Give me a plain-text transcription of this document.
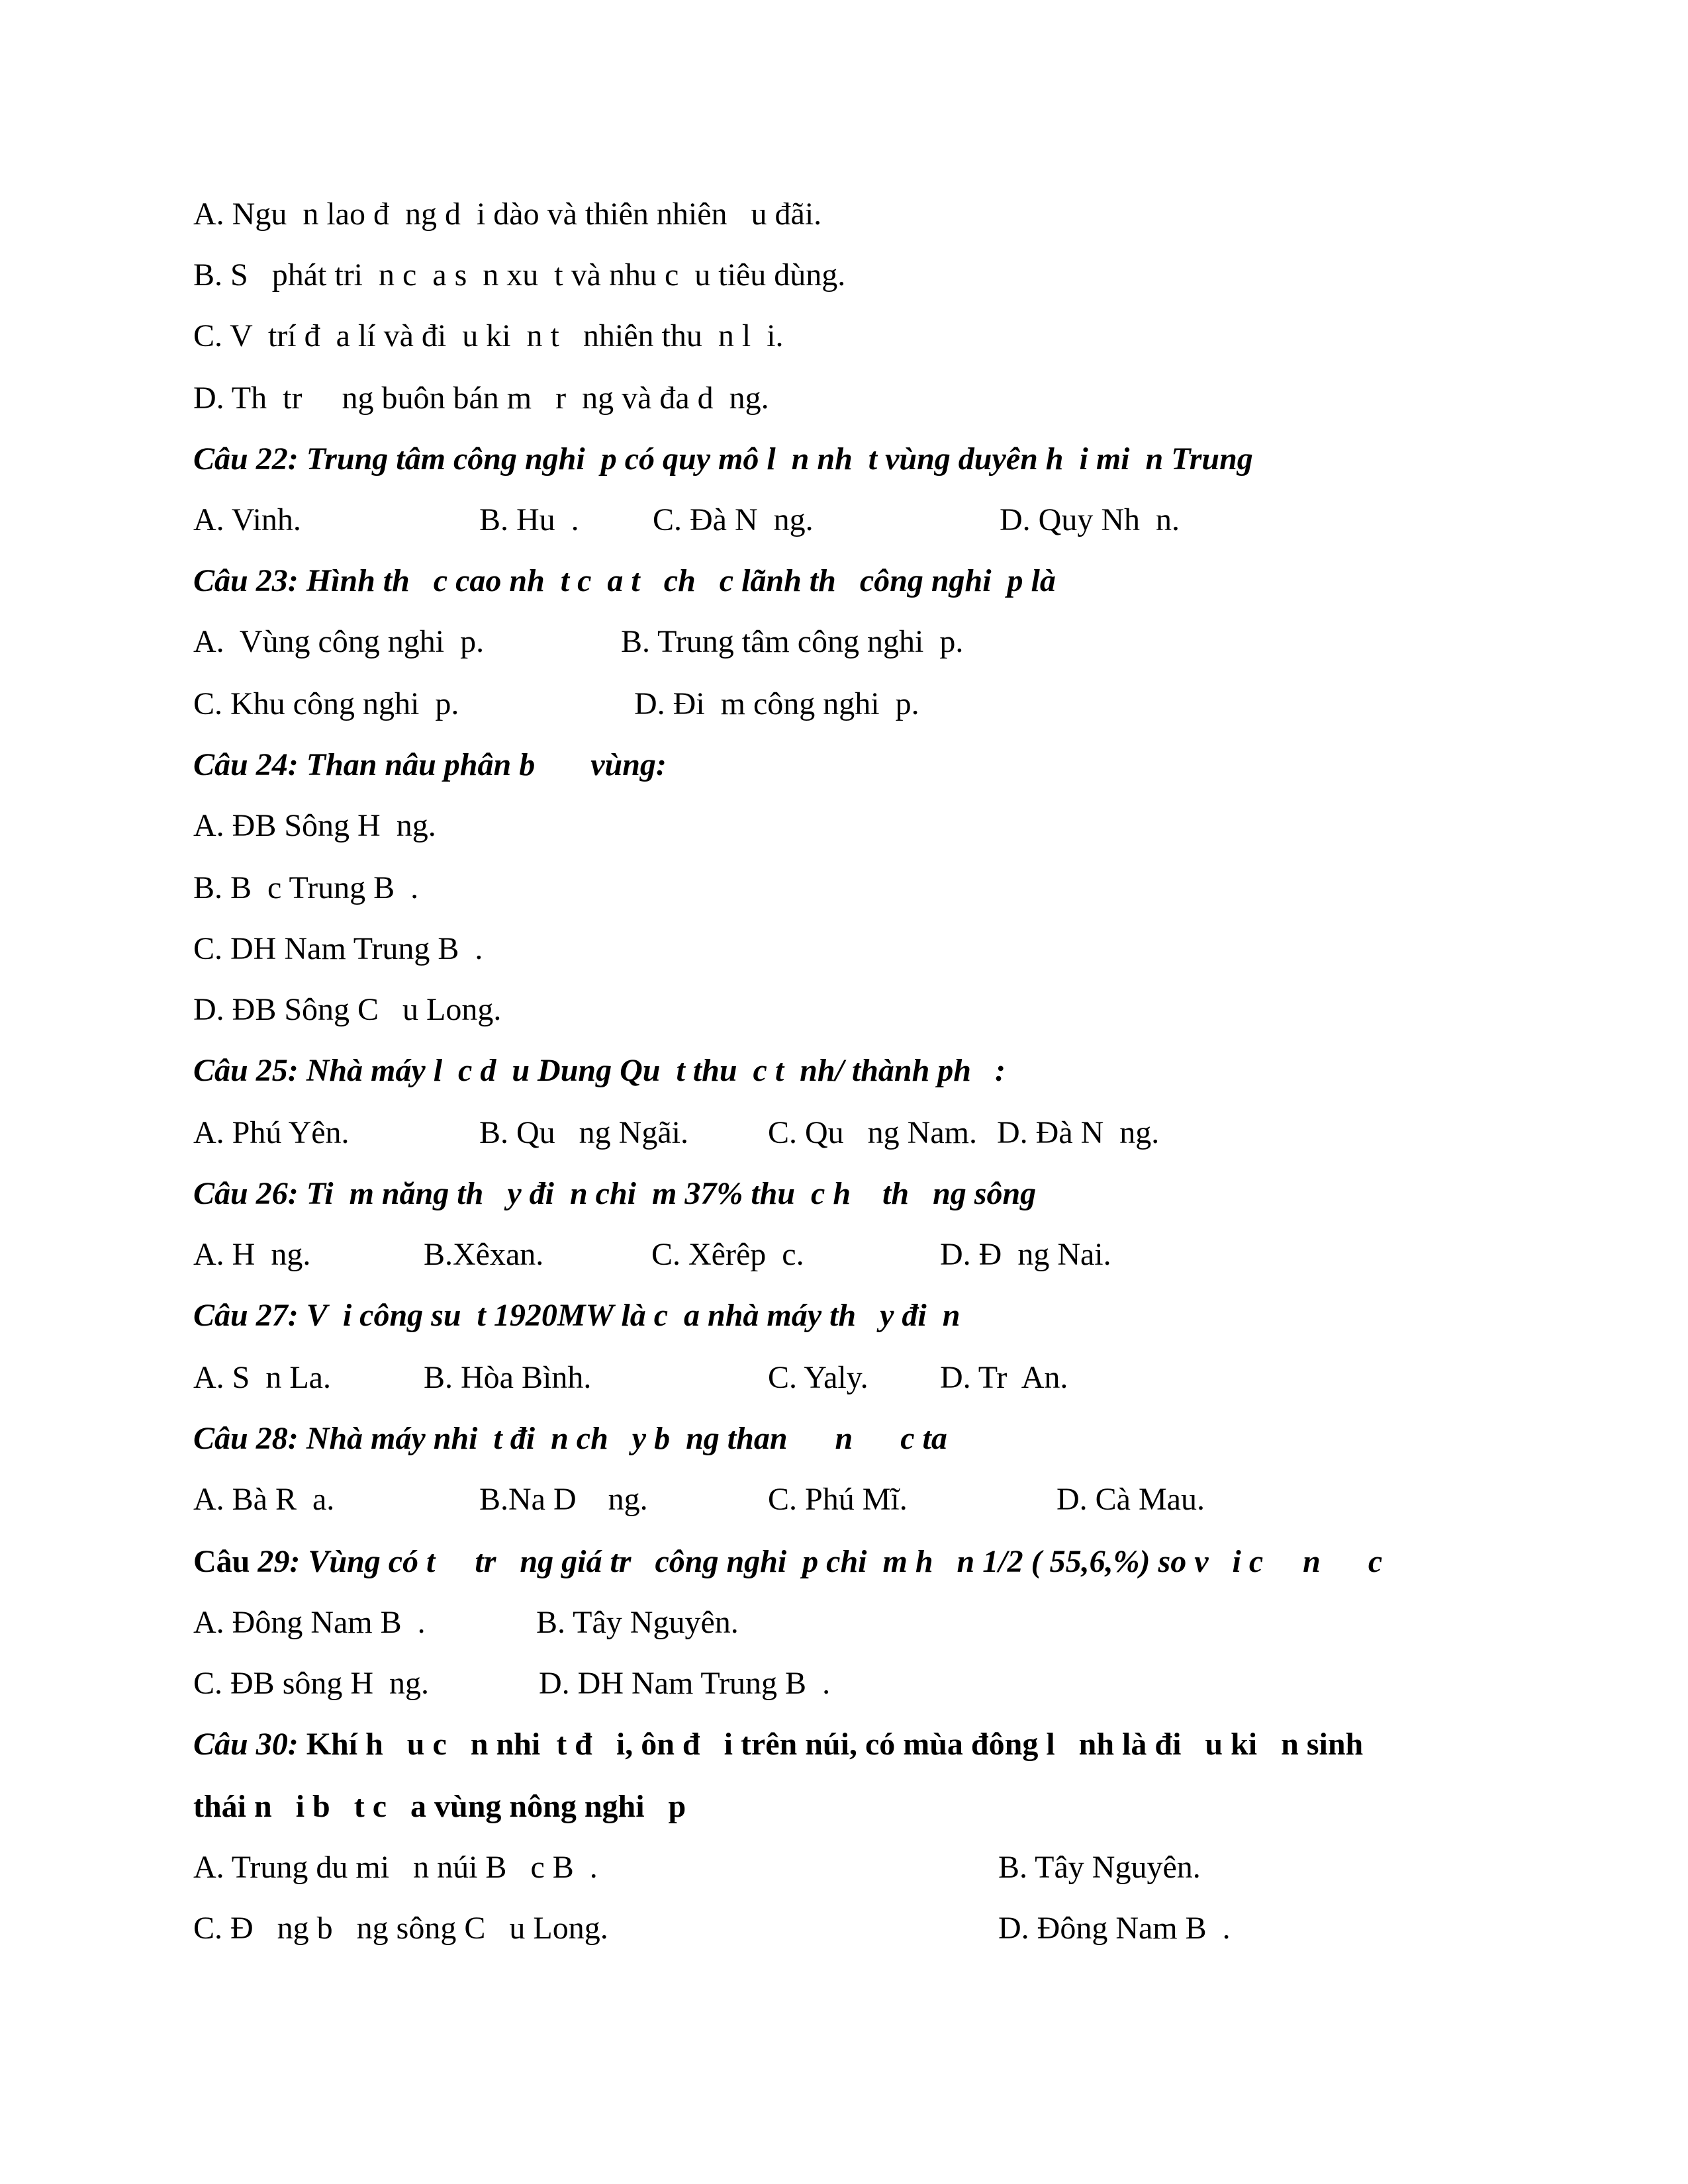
A. Ngu  n lao đ  ng d  i dào và thiên nhiên   u đãi.
B. S   phát tri  n c  a s  n xu  t và nhu c  u tiêu dùng.
C. V  trí đ  a lí và đi  u ki  n t   nhiên thu  n l  i.
D. Th  tr     ng buôn bán m   r  ng và đa d  ng.
Câu 22: Trung tâm công nghi  p có quy mô l  n nh  t vùng duyên h  i mi  n Trung

A. Vinh.

	B. Hu  .

C. Đà N  ng.

	D. Quy Nh  n.

Câu 23: Hình th   c cao nh  t c  a t   ch   c lãnh th   công nghi  p là

A.  Vùng công nghi  p.

	B. Trung tâm công nghi  p.

C. Khu công nghi  p.

	D. Đi  m công nghi  p.

Câu 24: Than nâu phân b       vùng:
A. ĐB Sông H  ng.
B. B  c Trung B  .
C. DH Nam Trung B  .
D. ĐB Sông C   u Long.
Câu 25: Nhà máy l  c d  u Dung Qu  t thu  c t  nh/ thành ph   :

A. Phú Yên.

	B. Qu   ng Ngãi.

	C. Qu   ng Nam.

D. Đà N  ng.

Câu 26: Ti  m năng th   y đi  n chi  m 37% thu  c h    th   ng sông

A. H  ng.

	B.Xêxan.

	C. Xêrêp  c.

	D. Đ  ng Nai.

Câu 27: V  i công su  t 1920MW là c  a nhà máy th   y đi  n

A. S  n La.

	B. Hòa Bình.

	C. Yaly.

D. Tr  An.

Câu 28: Nhà máy nhi  t đi  n ch   y b  ng than      n      c ta

A. Bà R  a.

	B.Na D    ng.

	C. Phú Mĩ.

	D. Cà Mau.

Câu 29: Vùng có t     tr   ng giá tr   công nghi  p chi  m h   n 1/2 ( 55,6,%) so v   i c     n      c

A. Đông Nam B  .

	B. Tây Nguyên.

C. ĐB sông H  ng.

	D. DH Nam Trung B  .

Câu 30: Khí h   u c   n nhi  t đ   i, ôn đ   i trên núi, có mùa đông l   nh là đi   u ki   n sinh
thái n   i b   t c   a vùng nông nghi   p

A. Trung du mi   n núi B   c B  .

	B. Tây Nguyên.

C. Đ   ng b   ng sông C   u Long.

	D. Đông Nam B  .
